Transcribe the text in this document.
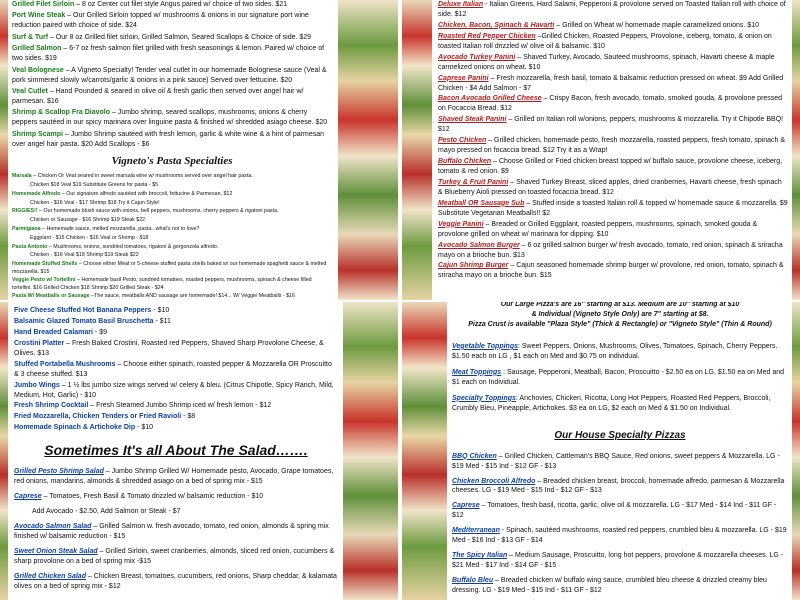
Grilled Filet Sirloin – 8 oz Center cut filet style Angus paired w/ choice of two sides. $21
Port Wine Steak – Our Grilled Sirloin topped w/ mushrooms & onions in our signature port wine reduction paired with choice of side. $24
Surf & Turf – Our 8 oz Grilled filet sirloin, Grilled Salmon, Seared Scallops & Choice of side. $29
Grilled Salmon – 6-7 oz fresh salmon filet grilled with fresh seasonings & lemon. Paired w/ choice of two sides. $19
Veal Bolognese – A Vigneto Specialty! Tender veal cutlet in our homemade Bolognese sauce (Veal & pork simmered slowly w/carrots/garlic & onions in a pink sauce) Served over fettucine. $20
Veal Cutlet – Hand Pounded & seared in olive oil & fresh garlic then served over angel hair w/ parmesan. $16
Shrimp & Scallop Fra Diavolo – Jumbo shrimp, seared scallops, mushrooms, onions & cherry peppers sautéed in our spicy marinara over linguine pasta & finished w/ shredded asiago cheese. $20
Shrimp Scampi – Jumbo Shrimp sautéed with fresh lemon, garlic & white wine & a hint of parmesan over angel hair pasta. $20 Add Scallops - $6
Vigneto's Pasta Specialties
Marsala – Chicken Or Veal seared in sweet marsala wine w/ mushrooms served over angel hair pasta.
Chicken $18 Veal $19 Substitute Greens for pasta - $5
Homemade Alfredo – Our signature alfredo sautéed with broccoli, fettucine & Parmesan. $12
Chicken - $16 Veal - $17 Shrimp $18 Try it Cajun Style!
RIGGIES!! – Our homemade blush sauce with onions, bell peppers, mushrooms, cherry peppers & rigatoni pasta.
Chicken or Sausage - $16 Shrimp $19 Steak $22
Parmigiana – Homemade sauce, melted mozzarella, pasta...what's not to love?
Eggplant - $15 Chicken - $16 Veal or Shrimp - $18
Pasta Antonio – Mushrooms, onions, sundried tomatoes, rigatoni & gorgonzola alfredo.
Chicken - $16 Veal $18 Shrimp $19 Steak $22
Homemade Stuffed Shells – Choose either Meat or 5-cheese stuffed pasta shells baked w/ our homemade spaghetti sauce & melted mozzarella. $15
Veggie Pesto w/ Tortellini – Homemade basil Pesto, sundried tomatoes, roasted peppers, mushrooms, spinach & cheese filled tortellini. $16 Grilled Chicken $18 Shrimp $20 Grilled Steak - $24
Pasta W/ Meatballs or Sausage –The sauce, meatballs AND sausage are homemade! $14... W/ Veggie Meatballs - $16
Deluxe Italian - Italian Greens, Hard Salami, Pepperoni & provolone served on Toasted Italian roll with choice of side. $12
Chicken, Bacon, Spinach & Havarti – Grilled on Wheat w/ homemade maple caramelized onions. $10
Roasted Red Pepper Chicken –Grilled Chicken, Roasted Peppers, Provolone, iceberg, tomato, & onion on toasted Italian roll drizzled w/ olive oil & balsamic. $10
Avocado Turkey Panini – Shaved Turkey, Avocado, Sauteed mushrooms, spinach, Havarti cheese & maple carmelized onions on wheat. $10
Caprese Panini – Fresh mozzarella, fresh basil, tomato & balsamic reduction pressed on wheat. $9 Add Grilled Chicken - $4 Add Salmon - $7
Bacon Avocado Grilled Cheese – Crispy Bacon, fresh avocado, tomato, smoked gouda, & provolone pressed on Focaccia Bread. $12
Shaved Steak Panini – Grilled on Italian roll w/onions, peppers, mushrooms & mozzarella. Try it Chipotle BBQ! $12
Pesto Chicken – Grilled chicken, homemade pesto, fresh mozzarella, roasted peppers, fresh tomato, spinach & mayo pressed on focaccia bread. $12 Try it as a Wrap!
Buffalo Chicken – Choose Grilled or Fried chicken breast topped w/ buffalo sauce, provolone cheese, iceberg, tomato & red onion. $9
Turkey & Fruit Panini – Shaved Turkey Breast, sliced apples, dried cranberries, Havarti cheese, fresh spinach & Blueberry Aioli pressed on toasted focaccia bread. $12
Meatball OR Sausage Sub – Stuffed inside a toasted Italian roll & topped w/ homemade sauce & mozzarella. $9 Substitute Vegetarian Meatballs!! $2
Veggie Panini – Breaded or Grilled Eggplant, roasted peppers, mushrooms, spinach, smoked gouda & provolone grilled on wheat w/ marinara for dipping. $10
Avocado Salmon Burger – 6 oz grilled salmon burger w/ fresh avocado, tomato, red onion, spinach & sriracha mayo on a brioche bun. $13
Cajun Shrimp Burger – Cajun seasoned homemade shrimp burger w/ provolone, red onion, tomato, spinach & sriracha mayo on a brioche bun. $15
Five Cheese Stuffed Hot Banana Peppers - $10
Balsamic Glazed Tomato Basil Bruschetta - $11
Hand Breaded Calamari - $9
Crostini Platter – Fresh Baked Crostini, Roasted red Peppers, Shaved Sharp Provolone Cheese, & Olives. $13
Stuffed Portabella Mushrooms – Choose either spinach, roasted pepper & Mozzarella OR Proscuitto & 3 cheese stuffed. $13
Jumbo Wings – 1 ½ lbs jumbo size wings served w/ celery & bleu. (Citrus Chipotle, Spicy Ranch, Mild, Medium, Hot, Garlic) - $10
Fresh Shrimp Cocktail – Fresh Steamed Jumbo Shrimp iced w/ fresh lemon - $12
Fried Mozzarella, Chicken Tenders or Fried Ravioli - $8
Homemade Spinach & Artichoke Dip - $10
Sometimes It's all About The Salad…….
Grilled Pesto Shrimp Salad – Jumbo Shrimp Grilled W/ Homemade pesto, Avocado, Grape tomatoes, red onions, mandarins, almonds & shredded asiago on a bed of spring mix - $15
Caprese – Tomatoes, Fresh Basil & Tomato drizzled w/ balsamic reduction - $10
Add Avocado - $2.50, Add Salmon or Steak - $7
Avocado Salmon Salad – Grilled Salmon w. fresh avocado, tomato, red onion, almonds & spring mix finished w/ balsamic reduction - $15
Sweet Onion Steak Salad – Grilled Sirloin, sweet cranberries, almonds, sliced red onion, cucumbers & sharp provolone on a bed of spring mix -$15
Grilled Chicken Salad – Chicken Breast, tomatoes, cucumbers, red onions, Sharp cheddar, & kalamata olives on a bed of spring mix - $12
Our Large Pizza's are 16" starting at $13. Medium are 10" starting at $10
& Individual (Vigneto Style Only) are 7" starting at $8.
Pizza Crust is available "Plaza Style" (Thick & Rectangle) or "Vigneto Style" (Thin & Round)
Vegetable Toppings: Sweet Peppers, Onions, Mushrooms, Olives, Tomatoes, Spinach, Cherry Peppers. $1.50 each on LG , $1 each on Med and $0.75 on individual.
Meat Toppings : Sausage, Pepperoni, Meatball, Bacon, Proscuitto - $2.50 ea on LG, $1.50 ea on Med and $1 each on Individual.
Specialty Toppings: Anchovies, Chicken, Ricotta, Long Hot Peppers, Roasted Red Peppers, Broccoli, Crumbly Bleu, Pineapple, Artichokes. $3 ea on LG, $2 each on Med & $1.50 on Individual.
Our House Specialty Pizzas
BBQ Chicken – Grilled Chicken, Cattleman's BBQ Sauce, Red onions, sweet peppers & Mozzarella. LG - $19 Med - $15 Ind - $12 GF - $13
Chicken Broccoli Alfredo – Breaded chicken breast, broccoli, homemade alfredo, parmesan & Mozzarella cheeses. LG - $19 Med - $15 Ind - $12 GF - $13
Caprese – Tomatoes, fresh basil, ricotta, garlic, olive oil & mozzarella. LG - $17 Med - $14 Ind - $11 GF - $12
Mediterranean - Spinach, sautéed mushrooms, roasted red peppers, crumbled bleu & mozzarella. LG - $19 Med - $16 Ind - $13 GF - $14
The Spicy Italian – Medium Sausage, Proscuitto, long hot peppers, provolone & mozzarella cheeses. LG - $21 Med - $17 Ind - $14 GF - $15
Buffalo Bleu – Breaded chicken w/ buffalo wing sauce, crumbled bleu cheese & drizzled creamy bleu dressing. LG - $19 Med - $15 Ind - $11 GF - $12
